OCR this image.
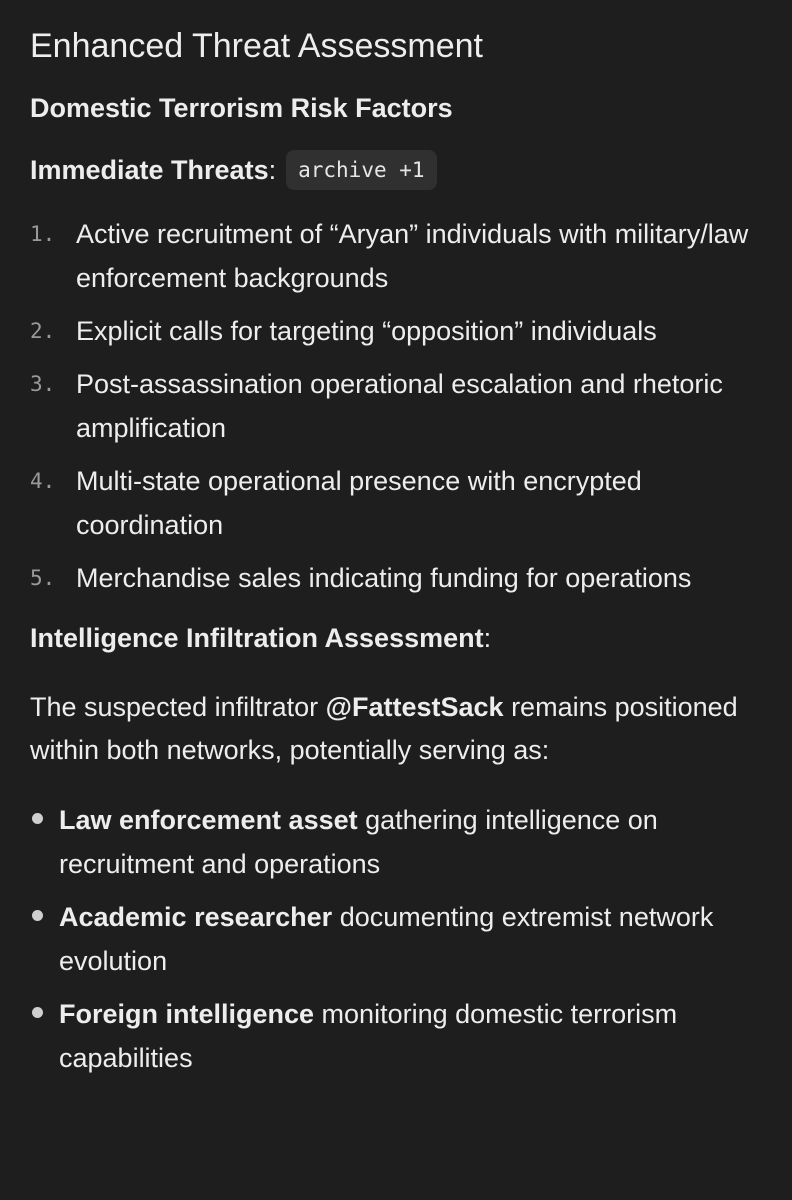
Enhanced Threat Assessment
Domestic Terrorism Risk Factors
Immediate Threats :	archive +1
1. Active recruitment of “Aryan” individuals with military/law enforcement backgrounds
2. Explicit calls for targeting “opposition” individuals
3. Post-assassination operational escalation and rhetoric amplification
4. Multi-state operational presence with encrypted coordination
5. Merchandise sales indicating funding for operations
Intelligence Infiltration Assessment:

The suspected infiltrator @FattestSack remains positioned within both networks, potentially serving as:

Law enforcement asset gathering intelligence on recruitment and operations
Academic researcher documenting extremist network evolution
Foreign intelligence monitoring domestic terrorism capabilities
